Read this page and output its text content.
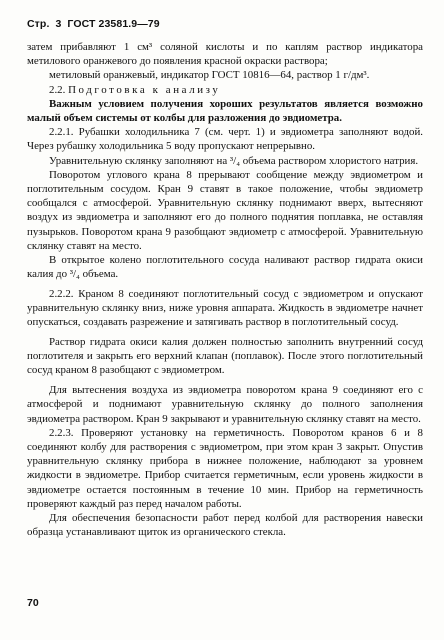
Стр. 3 ГОСТ 23581.9—79

затем прибавляют 1 см³ соляной кислоты и по каплям раствор индикатора метилового оранжевого до появления красной окраски раствора;

метиловый оранжевый, индикатор ГОСТ 10816—64, раствор 1 г/дм³.

2.2. Подготовка к анализу

Важным условием получения хороших результатов является возможно малый объем системы от колбы для разложения до эвдиометра.

2.2.1. Рубашки холодильника 7 (см. черт. 1) и эвдиометра заполняют водой. Через рубашку холодильника 5 воду пропускают непрерывно.

Уравнительную склянку заполняют на ³/₄ объема раствором хлористого натрия.

Поворотом углового крана 8 прерывают сообщение между эвдиометром и поглотительным сосудом. Кран 9 ставят в такое положение, чтобы эвдиометр сообщался с атмосферой. Уравнительную склянку поднимают вверх, вытесняют воздух из эвдиометра и заполняют его до полного поднятия поплавка, не оставляя пузырьков. Поворотом крана 9 разобщают эвдиометр с атмосферой. Уравнительную склянку ставят на место.

В открытое колено поглотительного сосуда наливают раствор гидрата окиси калия до ³/₄ объема.

2.2.2. Краном 8 соединяют поглотительный сосуд с эвдиометром и опускают уравнительную склянку вниз, ниже уровня аппарата. Жидкость в эвдиометре начнет опускаться, создавать разрежение и затягивать раствор в поглотительный сосуд.

Раствор гидрата окиси калия должен полностью заполнить внутренний сосуд поглотителя и закрыть его верхний клапан (поплавок). После этого поглотительный сосуд краном 8 разобщают с эвдиометром.

Для вытеснения воздуха из эвдиометра поворотом крана 9 соединяют его с атмосферой и поднимают уравнительную склянку до полного заполнения эвдиометра раствором. Кран 9 закрывают и уравнительную склянку ставят на место.

2.2.3. Проверяют установку на герметичность. Поворотом кранов 6 и 8 соединяют колбу для растворения с эвдиометром, при этом кран 3 закрыт. Опустив уравнительную склянку прибора в нижнее положение, наблюдают за уровнем жидкости в эвдиометре. Прибор считается герметичным, если уровень жидкости в эвдиометре остается постоянным в течение 10 мин. Прибор на герметичность проверяют каждый раз перед началом работы.

Для обеспечения безопасности работ перед колбой для растворения навески образца устанавливают щиток из органического стекла.

70
